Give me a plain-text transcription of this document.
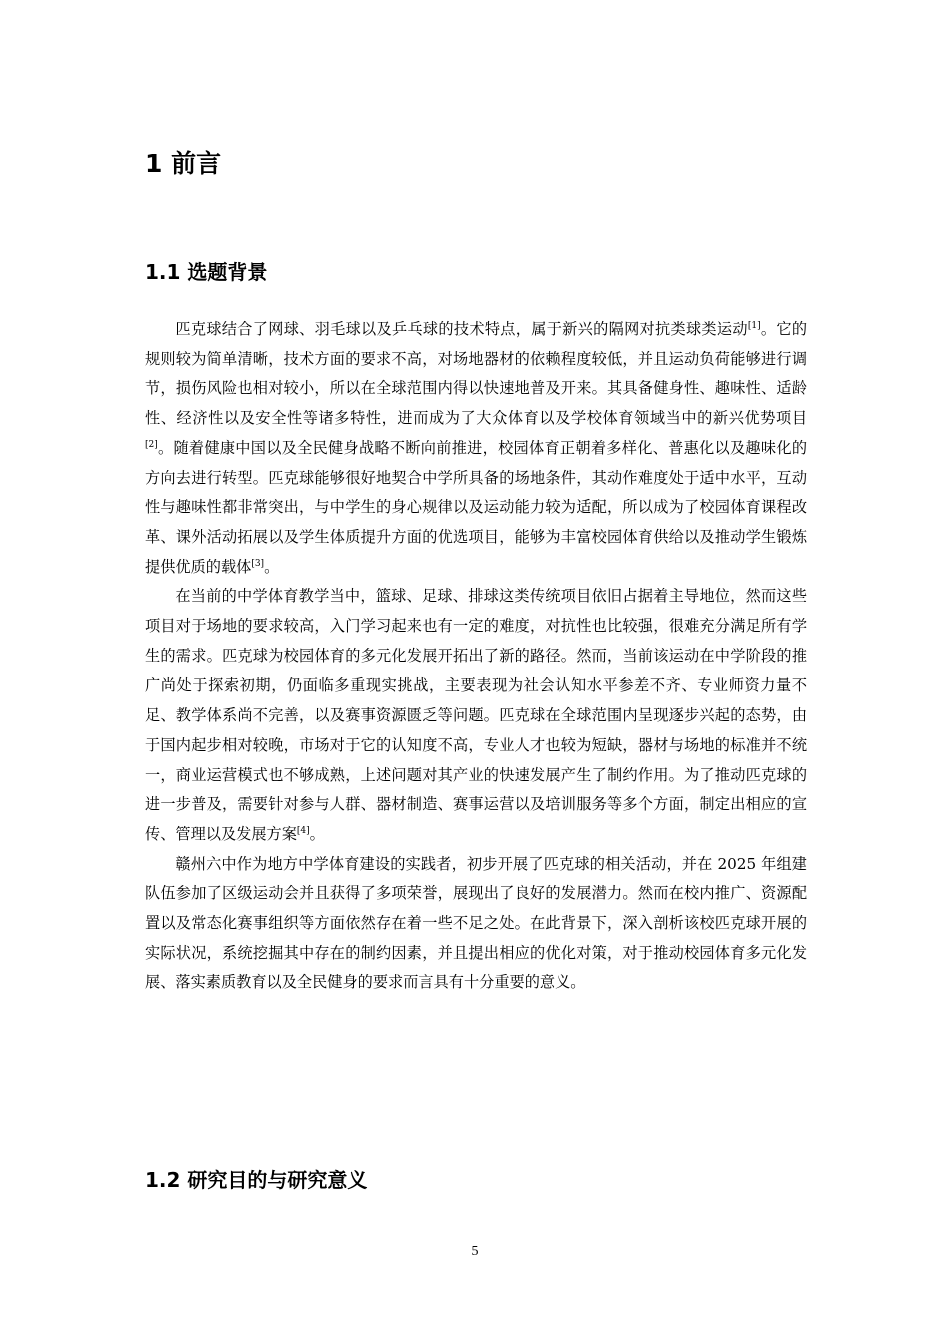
1 前言
1.1 选题背景

匹克球结合了网球、羽毛球以及乒乓球的技术特点，属于新兴的隔网对抗类球类运动[1]。它的规则较为简单清晰，技术方面的要求不高，对场地器材的依赖程度较低，并且运动负荷能够进行调节，损伤风险也相对较小，所以在全球范围内得以快速地普及开来。其具备健身性、趣味性、适龄性、经济性以及安全性等诸多特性，进而成为了大众体育以及学校体育领域当中的新兴优势项目[2]。随着健康中国以及全民健身战略不断向前推进，校园体育正朝着多样化、普惠化以及趣味化的方向去进行转型。匹克球能够很好地契合中学所具备的场地条件，其动作难度处于适中水平，互动性与趣味性都非常突出，与中学生的身心规律以及运动能力较为适配，所以成为了校园体育课程改革、课外活动拓展以及学生体质提升方面的优选项目，能够为丰富校园体育供给以及推动学生锻炼提供优质的载体[3]。

在当前的中学体育教学当中，篮球、足球、排球这类传统项目依旧占据着主导地位，然而这些项目对于场地的要求较高，入门学习起来也有一定的难度，对抗性也比较强，很难充分满足所有学生的需求。匹克球为校园体育的多元化发展开拓出了新的路径。然而，当前该运动在中学阶段的推广尚处于探索初期，仍面临多重现实挑战，主要表现为社会认知水平参差不齐、专业师资力量不足、教学体系尚不完善，以及赛事资源匮乏等问题。匹克球在全球范围内呈现逐步兴起的态势，由于国内起步相对较晚，市场对于它的认知度不高，专业人才也较为短缺，器材与场地的标准并不统一，商业运营模式也不够成熟，上述问题对其产业的快速发展产生了制约作用。为了推动匹克球的进一步普及，需要针对参与人群、器材制造、赛事运营以及培训服务等多个方面，制定出相应的宣传、管理以及发展方案[4]。

赣州六中作为地方中学体育建设的实践者，初步开展了匹克球的相关活动，并在 2025 年组建队伍参加了区级运动会并且获得了多项荣誉，展现出了良好的发展潜力。然而在校内推广、资源配置以及常态化赛事组织等方面依然存在着一些不足之处。在此背景下，深入剖析该校匹克球开展的实际状况，系统挖掘其中存在的制约因素，并且提出相应的优化对策，对于推动校园体育多元化发展、落实素质教育以及全民健身的要求而言具有十分重要的意义。

1.2 研究目的与研究意义
5
